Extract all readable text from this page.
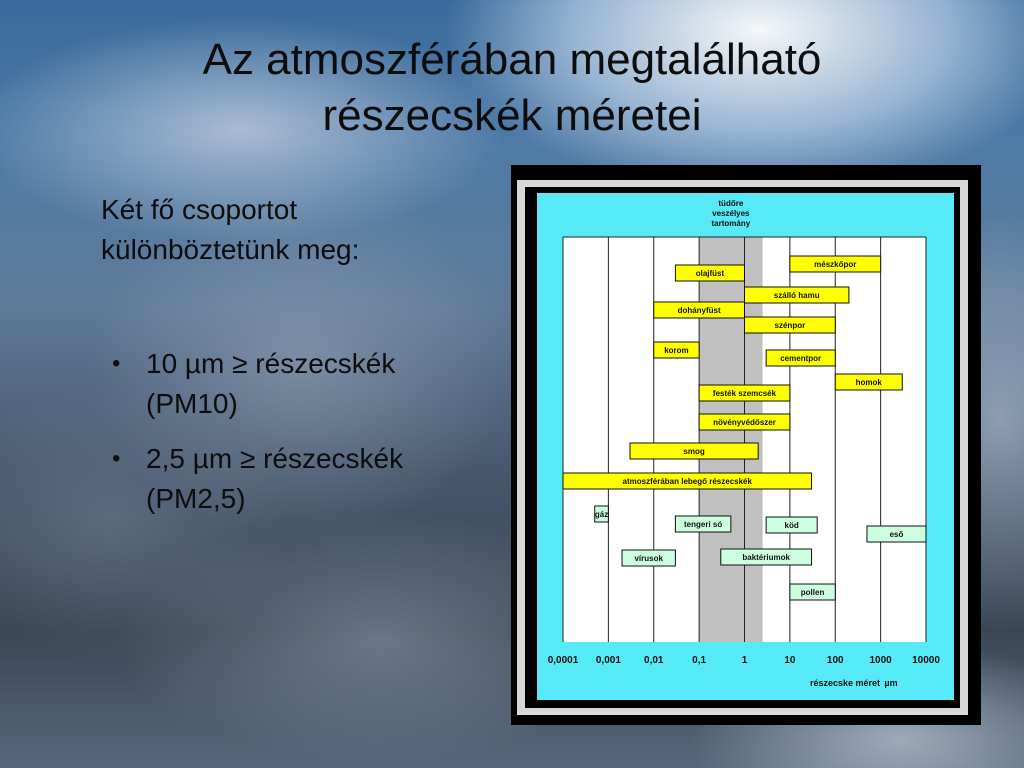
Az atmoszférában megtalálható
részecskék méretei
Két fő csoportot különböztetünk meg:
• 10 µm ≥ részecskék (PM10)
• 2,5 µm ≥ részecskék (PM2,5)
tüdőre
veszélyes
tartomány
olajfüst
mészkőpor
szálló hamu
dohányfüst
szénpor
korom
cementpor
homok
festék szemcsék
növényvédőszer
smog
atmoszférában lebegő részecskék
gáz
tengeri só	köd
eső
vírusok	baktériumok
pollen
0,0001 0,001 0,01	0,1	1	10	100	1000 10000
részecske méret µm
